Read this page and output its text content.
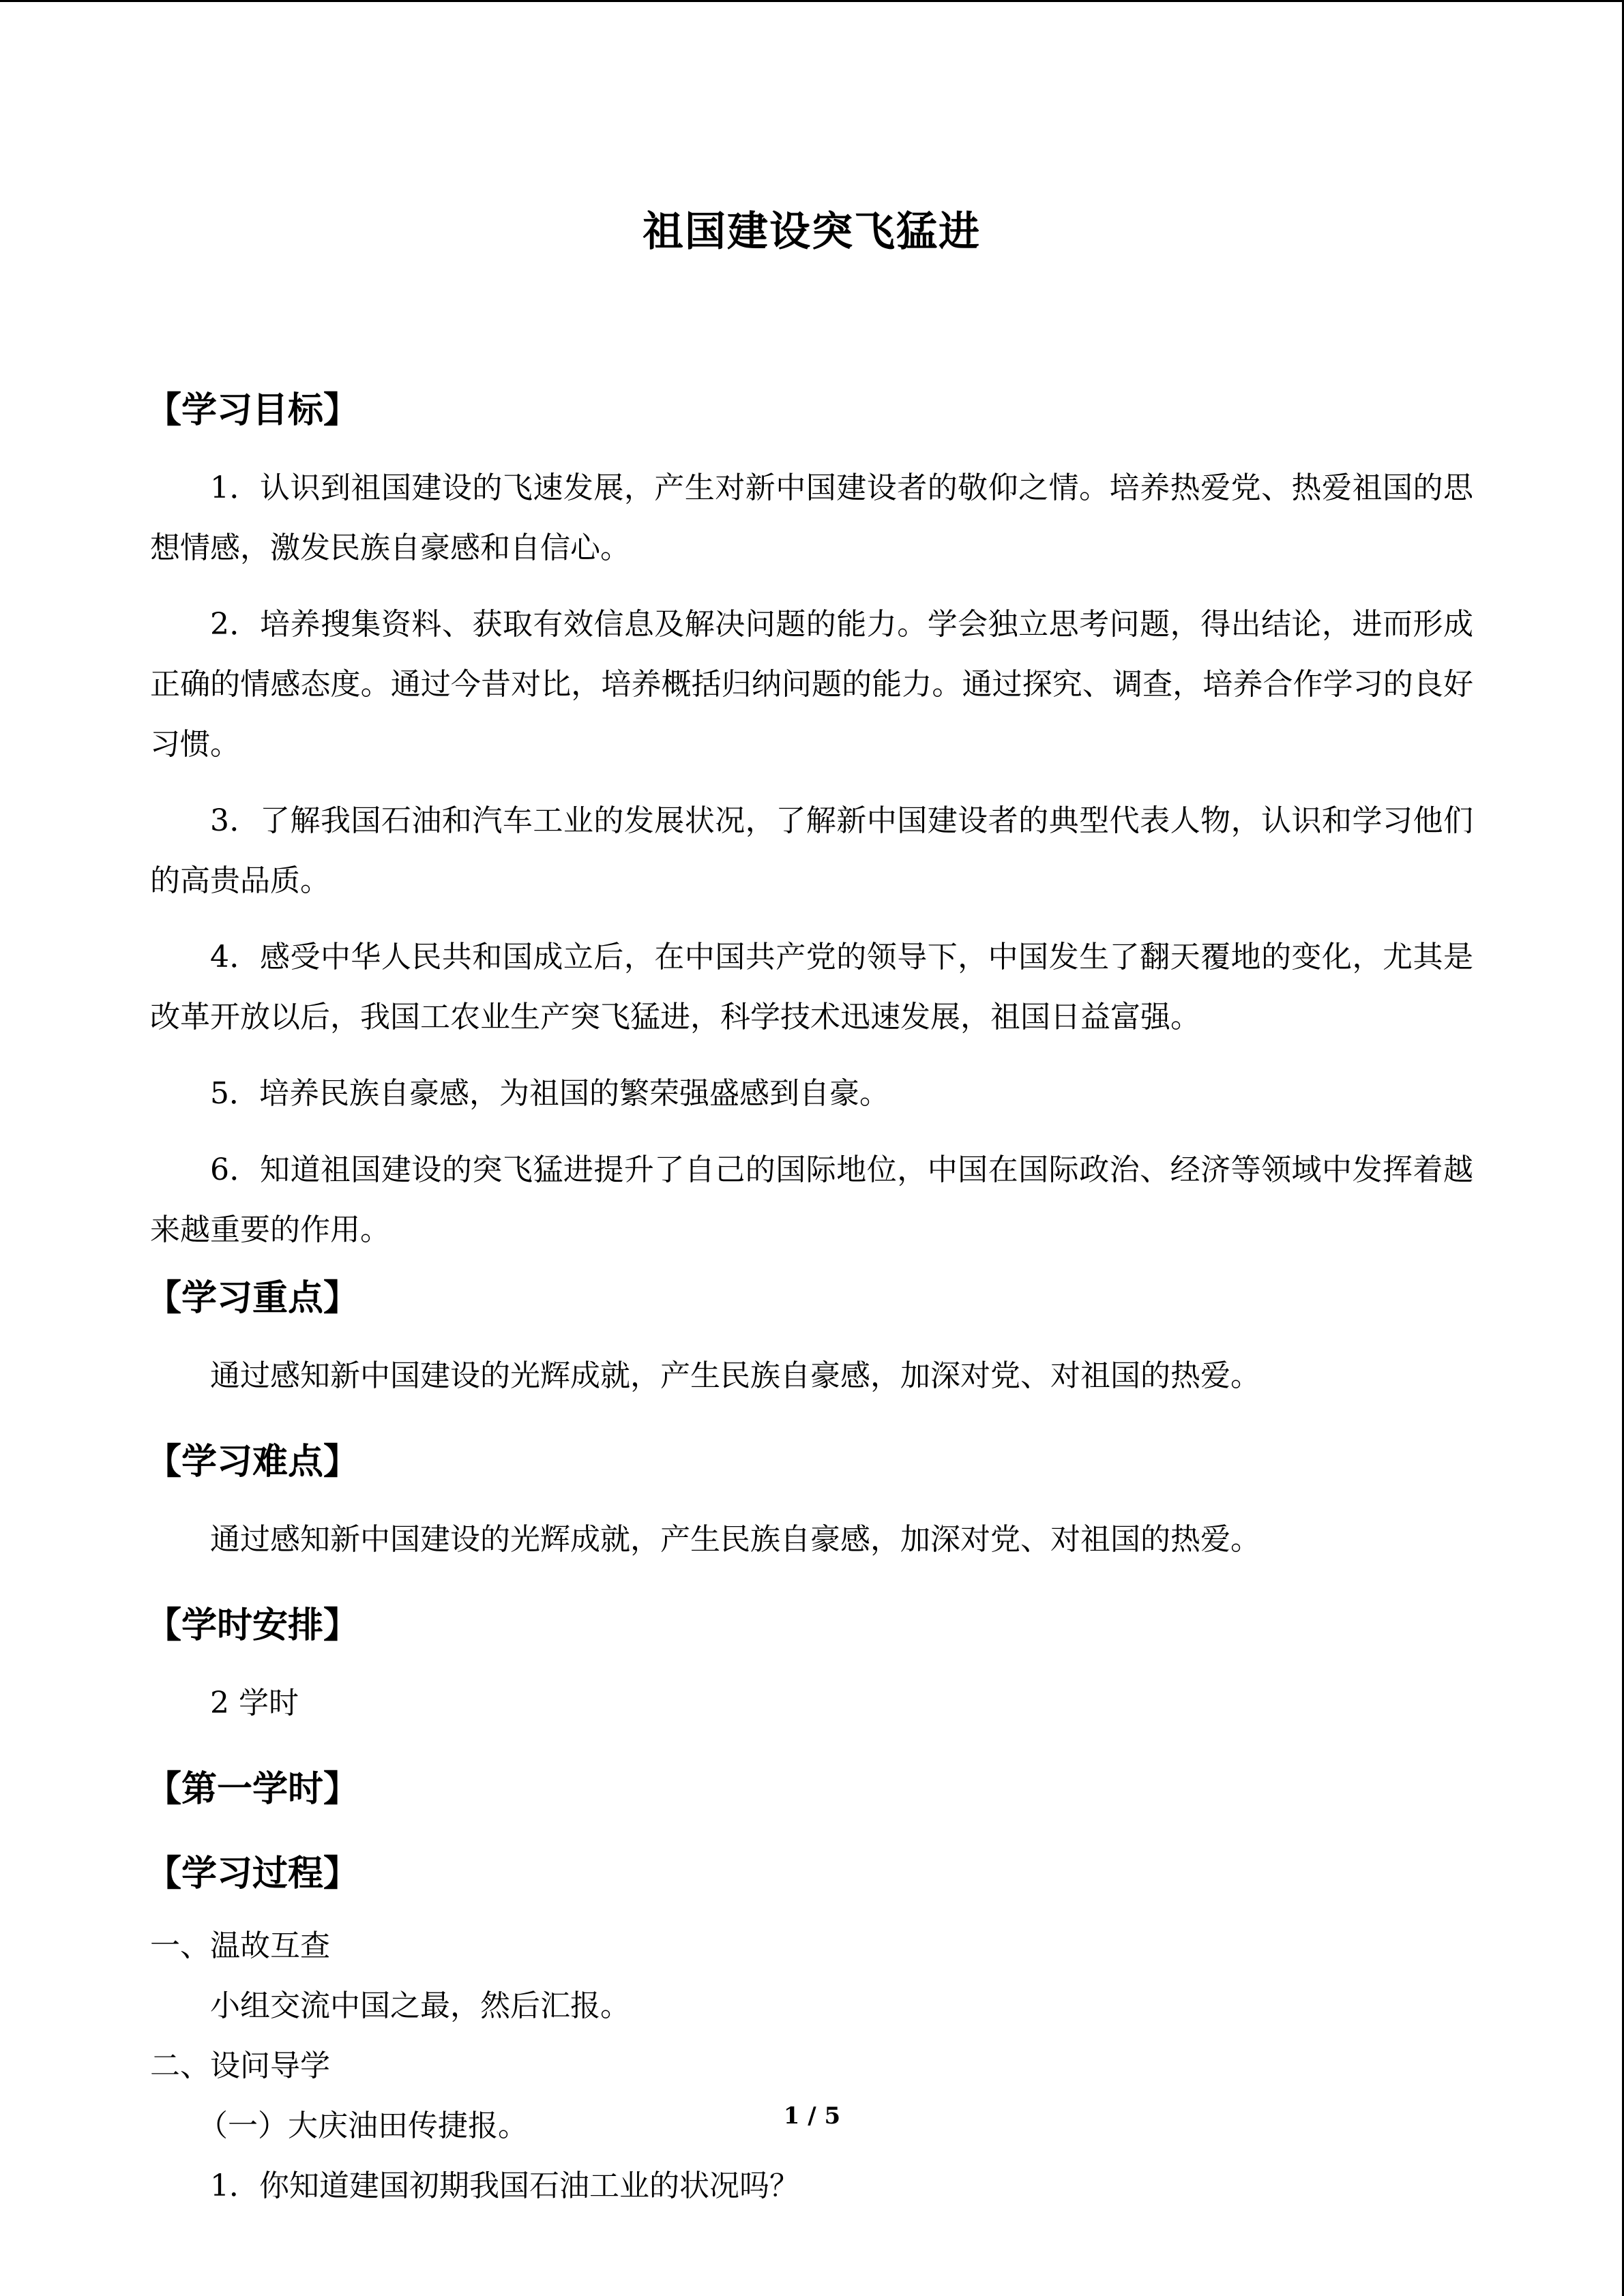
祖国建设突飞猛进
【学习目标】

1．认识到祖国建设的飞速发展，产生对新中国建设者的敬仰之情。培养热爱党、热爱祖国的思想情感，激发民族自豪感和自信心。

2．培养搜集资料、获取有效信息及解决问题的能力。学会独立思考问题，得出结论，进而形成正确的情感态度。通过今昔对比，培养概括归纳问题的能力。通过探究、调查，培养合作学习的良好习惯。

3．了解我国石油和汽车工业的发展状况，了解新中国建设者的典型代表人物，认识和学习他们的高贵品质。

4．感受中华人民共和国成立后，在中国共产党的领导下，中国发生了翻天覆地的变化，尤其是改革开放以后，我国工农业生产突飞猛进，科学技术迅速发展，祖国日益富强。

5．培养民族自豪感，为祖国的繁荣强盛感到自豪。

6．知道祖国建设的突飞猛进提升了自己的国际地位，中国在国际政治、经济等领域中发挥着越来越重要的作用。

【学习重点】

通过感知新中国建设的光辉成就，产生民族自豪感，加深对党、对祖国的热爱。

【学习难点】

通过感知新中国建设的光辉成就，产生民族自豪感，加深对党、对祖国的热爱。

【学时安排】

2 学时

【第一学时】
【学习过程】

一、温故互查

小组交流中国之最，然后汇报。

二、设问导学

（一）大庆油田传捷报。

1．你知道建国初期我国石油工业的状况吗？

1 / 5
